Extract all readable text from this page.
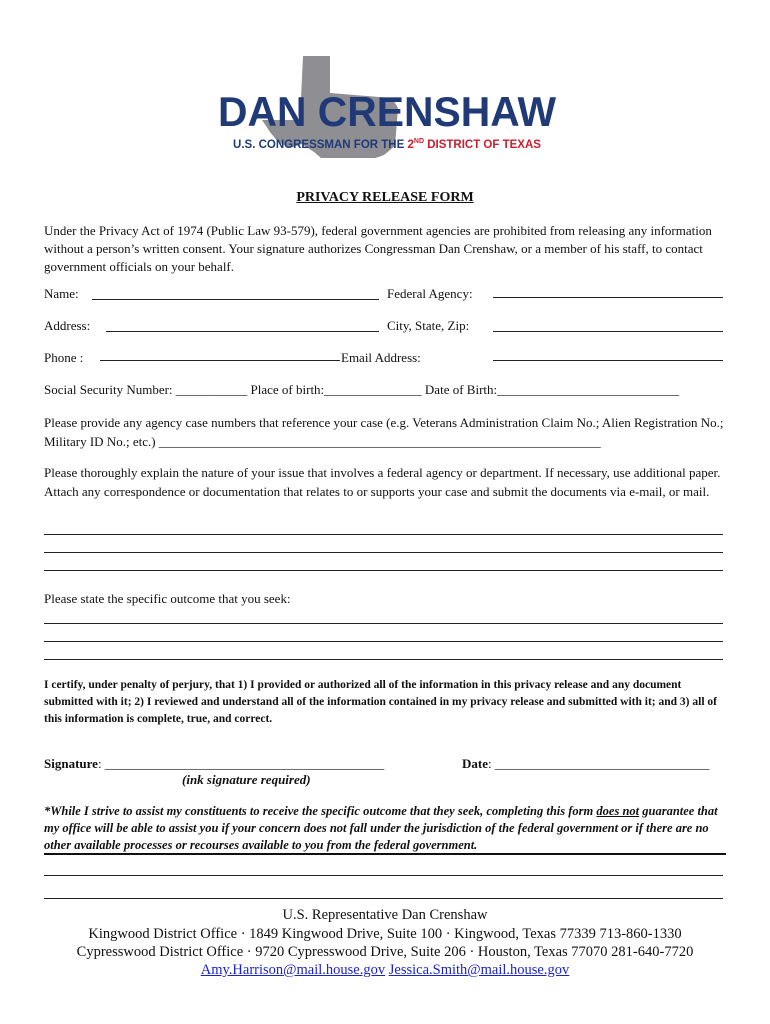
DAN CRENSHAW
U.S. CONGRESSMAN FOR THE 2ND DISTRICT OF TEXAS
PRIVACY RELEASE FORM
Under the Privacy Act of 1974 (Public Law 93-579), federal government agencies are prohibited from releasing any information without a person’s written consent. Your signature authorizes Congressman Dan Crenshaw, or a member of his staff, to contact government officials on your behalf.
Name:	Federal Agency:
Address:	City, State, Zip:
Phone :	Email Address:
Social Security Number: ___________ Place of birth:_______________ Date of Birth:____________________________
Please provide any agency case numbers that reference your case (e.g. Veterans Administration Claim No.; Alien Registration No.; Military ID No.; etc.) ____________________________________________________________________
Please thoroughly explain the nature of your issue that involves a federal agency or department. If necessary, use additional paper. Attach any correspondence or documentation that relates to or supports your case and submit the documents via e-mail, or mail.
Please state the specific outcome that you seek:
I certify, under penalty of perjury, that 1) I provided or authorized all of the information in this privacy release and any document submitted with it; 2) I reviewed and understand all of the information contained in my privacy release and submitted with it; and 3) all of this information is complete, true, and correct.
Signature: ___________________________________________	Date: _________________________________
(ink signature required)
*While I strive to assist my constituents to receive the specific outcome that they seek, completing this form does not guarantee that my office will be able to assist you if your concern does not fall under the jurisdiction of the federal government or if there are no other available processes or recourses available to you from the federal government.
U.S. Representative Dan Crenshaw
Kingwood District Office · 1849 Kingwood Drive, Suite 100 · Kingwood, Texas 77339 713-860-1330
Cypresswood District Office · 9720 Cypresswood Drive, Suite 206 · Houston, Texas 77070 281-640-7720
Amy.Harrison@mail.house.gov Jessica.Smith@mail.house.gov
